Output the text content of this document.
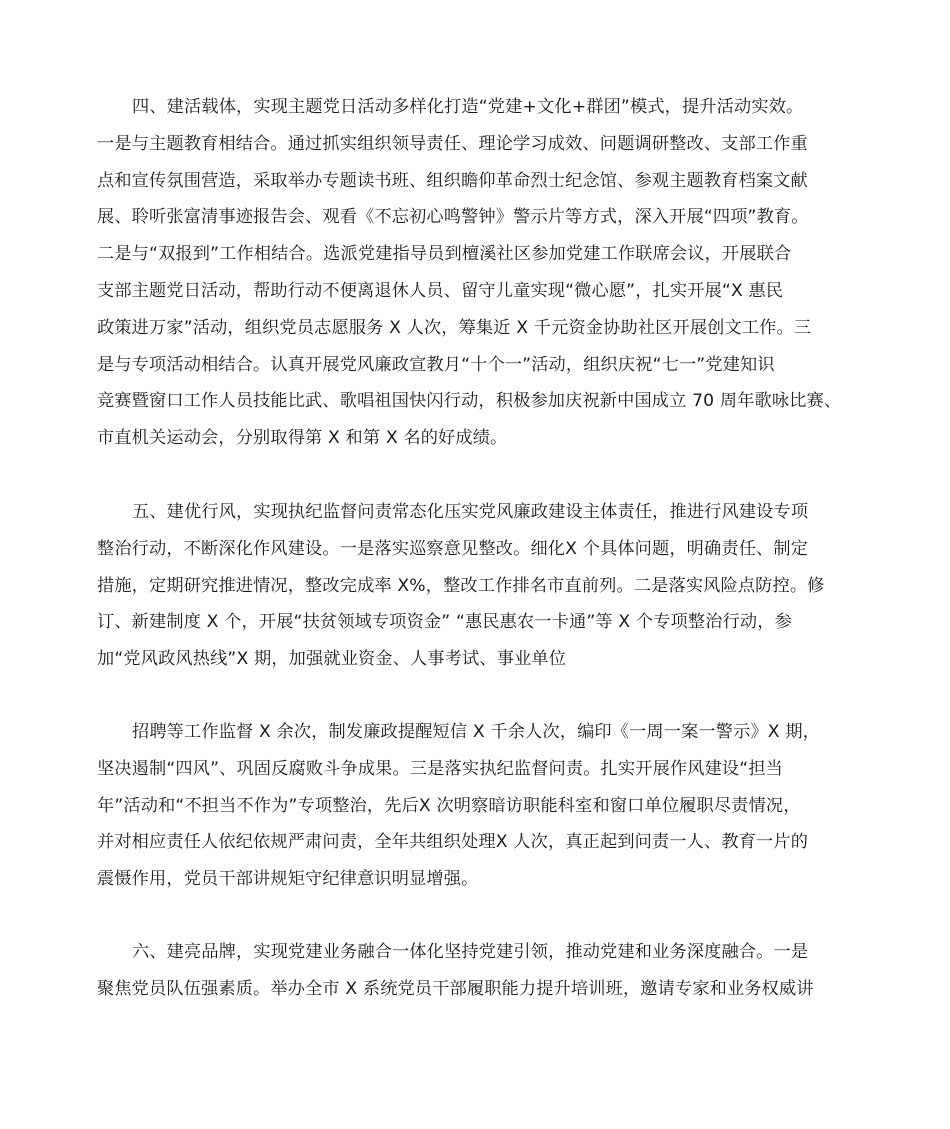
四、建活载体，实现主题党日活动多样化打造“党建+文化+群团”模式，提升活动实效。
一是与主题教育相结合。通过抓实组织领导责任、理论学习成效、问题调研整改、支部工作重
点和宣传氛围营造，采取举办专题读书班、组织瞻仰革命烈士纪念馆、参观主题教育档案文献
展、聆听张富清事迹报告会、观看《不忘初心鸣警钟》警示片等方式，深入开展“四项”教育。
二是与“双报到”工作相结合。选派党建指导员到檀溪社区参加党建工作联席会议，开展联合
支部主题党日活动，帮助行动不便离退休人员、留守儿童实现“微心愿”，扎实开展“X 惠民
政策进万家”活动，组织党员志愿服务 X 人次，筹集近 X 千元资金协助社区开展创文工作。三
是与专项活动相结合。认真开展党风廉政宣教月“十个一”活动，组织庆祝“七一”党建知识
竞赛暨窗口工作人员技能比武、歌唱祖国快闪行动，积极参加庆祝新中国成立 70 周年歌咏比赛、
市直机关运动会，分别取得第 X 和第 X 名的好成绩。
五、建优行风，实现执纪监督问责常态化压实党风廉政建设主体责任，推进行风建设专项
整治行动，不断深化作风建设。一是落实巡察意见整改。细化X 个具体问题，明确责任、制定
措施，定期研究推进情况，整改完成率 X%，整改工作排名市直前列。二是落实风险点防控。修
订、新建制度 X 个，开展“扶贫领域专项资金” “惠民惠农一卡通”等 X 个专项整治行动，参
加“党风政风热线”X 期，加强就业资金、人事考试、事业单位
招聘等工作监督 X 余次，制发廉政提醒短信 X 千余人次，编印《一周一案一警示》X 期，
坚决遏制“四风”、巩固反腐败斗争成果。三是落实执纪监督问责。扎实开展作风建设“担当
年”活动和“不担当不作为”专项整治，先后X 次明察暗访职能科室和窗口单位履职尽责情况，
并对相应责任人依纪依规严肃问责，全年共组织处理X 人次，真正起到问责一人、教育一片的
震慑作用，党员干部讲规矩守纪律意识明显增强。
六、建亮品牌，实现党建业务融合一体化坚持党建引领，推动党建和业务深度融合。一是
聚焦党员队伍强素质。举办全市 X 系统党员干部履职能力提升培训班，邀请专家和业务权威讲
